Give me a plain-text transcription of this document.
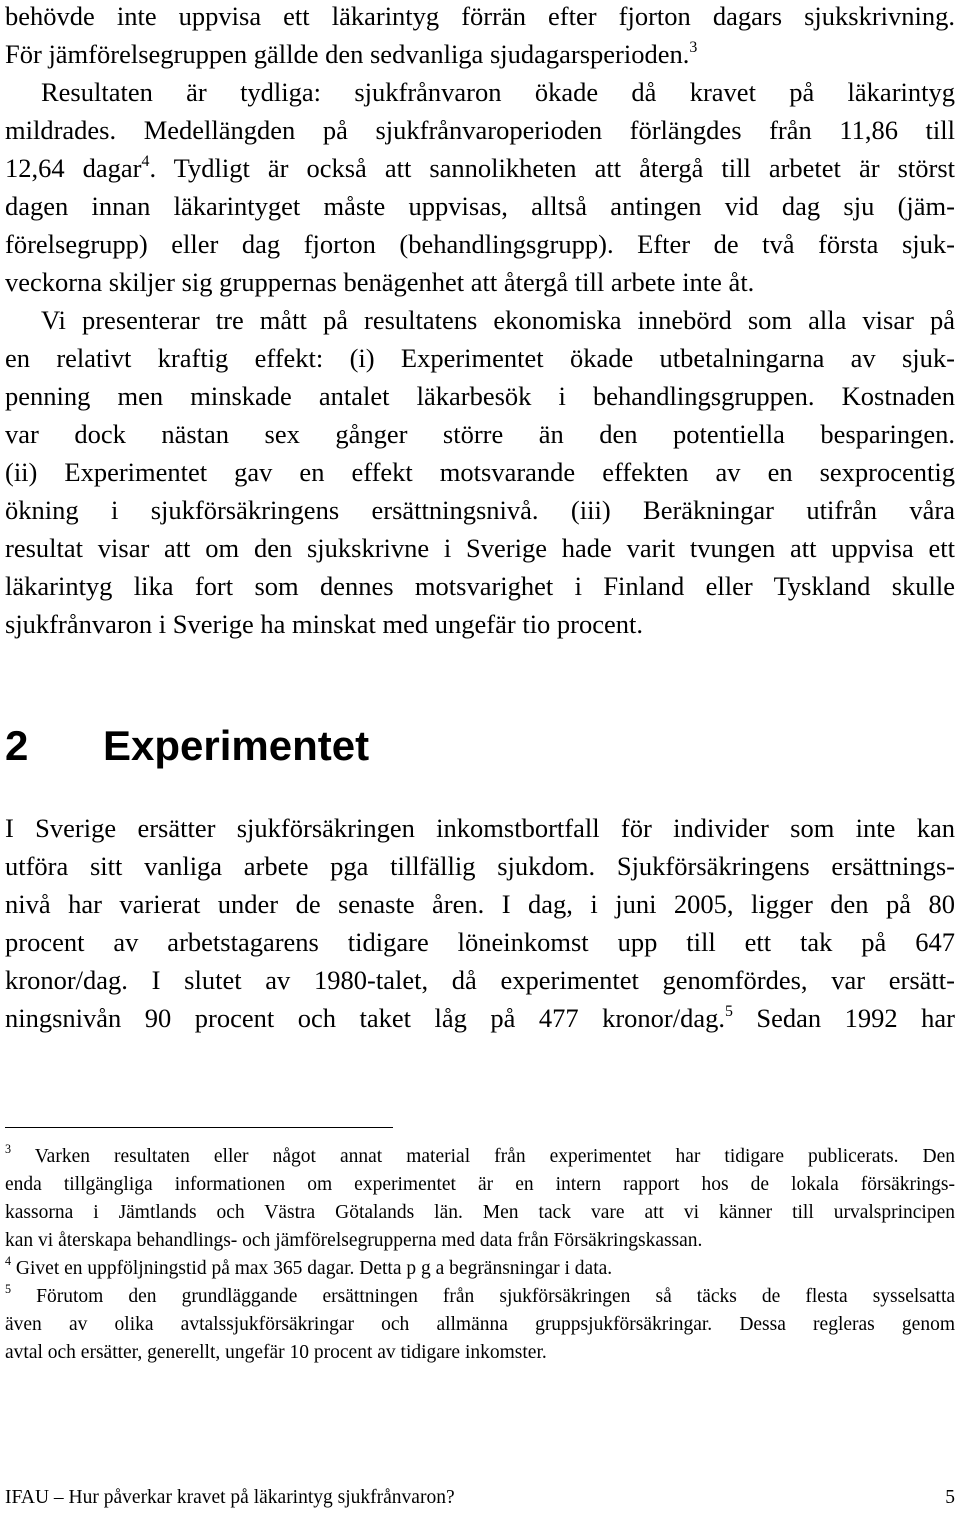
behövde inte uppvisa ett läkarintyg förrän efter fjorton dagars sjukskrivning.
För jämförelsegruppen gällde den sedvanliga sjudagarsperioden.$^3$
Resultaten är tydliga: sjukfrånvaron ökade då kravet på läkarintyg
mildrades. Medellängden på sjukfrånvaroperioden förlängdes från 11,86 till
12,64 dagar$^4$. Tydligt är också att sannolikheten att återgå till arbetet är störst
dagen innan läkarintyget måste uppvisas, alltså antingen vid dag sju (jäm-
förelsegrupp) eller dag fjorton (behandlingsgrupp). Efter de två första sjuk-
veckorna skiljer sig gruppernas benägenhet att återgå till arbete inte åt.
Vi presenterar tre mått på resultatens ekonomiska innebörd som alla visar på
en relativt kraftig effekt: (i) Experimentet ökade utbetalningarna av sjuk-
penning men minskade antalet läkarbesök i behandlingsgruppen. Kostnaden
var dock nästan sex gånger större än den potentiella besparingen.
(ii) Experimentet gav en effekt motsvarande effekten av en sexprocentig
ökning i sjukförsäkringens ersättningsnivå. (iii) Beräkningar utifrån våra
resultat visar att om den sjukskrivne i Sverige hade varit tvungen att uppvisa ett
läkarintyg lika fort som dennes motsvarighet i Finland eller Tyskland skulle
sjukfrånvaron i Sverige ha minskat med ungefär tio procent.
2 Experimentet
I Sverige ersätter sjukförsäkringen inkomstbortfall för individer som inte kan
utföra sitt vanliga arbete pga tillfällig sjukdom. Sjukförsäkringens ersättnings-
nivå har varierat under de senaste åren. I dag, i juni 2005, ligger den på 80
procent av arbetstagarens tidigare löneinkomst upp till ett tak på 647
kronor/dag. I slutet av 1980-talet, då experimentet genomfördes, var ersätt-
ningsnivån 90 procent och taket låg på 477 kronor/dag.$^5$ Sedan 1992 har
$^3$ Varken resultaten eller något annat material från experimentet har tidigare publicerats. Den
enda tillgängliga informationen om experimentet är en intern rapport hos de lokala försäkrings-
kassorna i Jämtlands och Västra Götalands län. Men tack vare att vi känner till urvalsprincipen
kan vi återskapa behandlings- och jämförelsegrupperna med data från Försäkringskassan.
$^4$ Givet en uppföljningstid på max 365 dagar. Detta p g a begränsningar i data.
$^5$ Förutom den grundläggande ersättningen från sjukförsäkringen så täcks de flesta sysselsatta
även av olika avtalssjukförsäkringar och allmänna gruppsjukförsäkringar. Dessa regleras genom
avtal och ersätter, generellt, ungefär 10 procent av tidigare inkomster.
IFAU – Hur påverkar kravet på läkarintyg sjukfrånvaron?	5
